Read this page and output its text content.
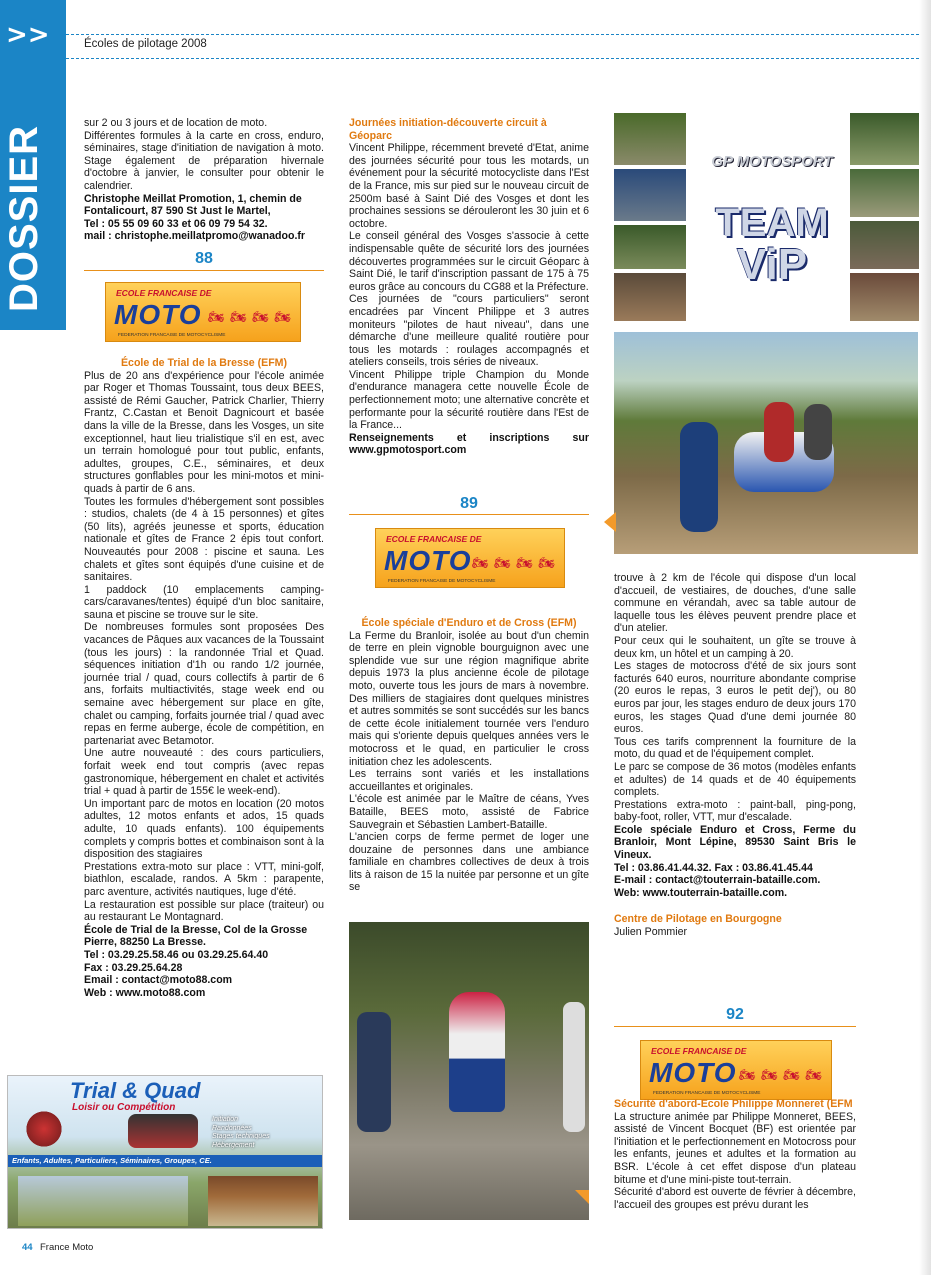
>>
DOSSIER
Écoles de pilotage 2008
sur 2 ou 3 jours et de location de moto.
Différentes formules à la carte en cross, enduro, séminaires, stage d'initiation de navigation à moto. Stage également de préparation hivernale d'octobre à janvier, le consulter pour obtenir le calendrier.
Christophe Meillat Promotion, 1, chemin de Fontalicourt, 87 590 St Just le Martel,
Tel : 05 55 09 60 33 et 06 09 79 54 32.
mail : christophe.meillatpromo@wanadoo.fr
88
ECOLE FRANCAISE DE
MOTO
FEDERATION FRANCAISE DE MOTOCYCLISME
🏍 🏍 🏍 🏍
École de Trial de la Bresse (EFM)
Plus de 20 ans d'expérience pour l'école animée par Roger et Thomas Toussaint, tous deux BEES, assisté de Rémi Gaucher, Patrick Charlier, Thierry Frantz, C.Castan et Benoit Dagnicourt et basée dans la ville de la Bresse, dans les Vosges, un site exceptionnel, haut lieu trialistique s'il en est, avec un terrain homologué pour tout public, enfants, adultes, groupes, C.E., séminaires, et deux structures gonflables pour les mini-motos et mini-quads à partir de 6 ans.
Toutes les formules d'hébergement sont possibles : studios, chalets (de 4 à 15 personnes) et gîtes (50 lits), agréés jeunesse et sports, éducation nationale et gîtes de France 2 épis tout confort. Nouveautés pour 2008 : piscine et sauna. Les chalets et gîtes sont équipés d'une cuisine et de sanitaires.
1 paddock (10 emplacements camping-cars/caravanes/tentes) équipé d'un bloc sanitaire, sauna et piscine se trouve sur le site.
De nombreuses formules sont proposées Des vacances de Pâques aux vacances de la Toussaint (tous les jours) : la randonnée Trial et Quad. séquences initiation d'1h ou rando 1/2 journée, journée trial / quad, cours collectifs à partir de 6 ans, forfaits multiactivités, stage week end ou semaine avec hébergement sur place en gîte, chalet ou camping, forfaits journée trial / quad avec repas en ferme auberge, école de compétition, en partenariat avec Betamotor.
Une autre nouveauté : des cours particuliers, forfait week end tout compris (avec repas gastronomique, hébergement en chalet et activités trial + quad à partir de 155€ le week-end).
Un important parc de motos en location (20 motos adultes, 12 motos enfants et ados, 15 quads adulte, 10 quads enfants). 100 équipements complets y compris bottes et combinaison sont à la disposition des stagiaires
Prestations extra-moto sur place : VTT, mini-golf, biathlon, escalade, randos. A 5km : parapente, parc aventure, activités nautiques, luge d'été.
La restauration est possible sur place (traiteur) ou au restaurant Le Montagnard.
École de Trial de la Bresse, Col de la Grosse Pierre, 88250 La Bresse.
Tel : 03.29.25.58.46 ou 03.29.25.64.40
Fax : 03.29.25.64.28
Email : contact@moto88.com
Web : www.moto88.com
Trial & Quad
Loisir ou Compétition
Initiation
Randonnées
Stages techniques
Hébergement
Enfants, Adultes, Particuliers, Séminaires, Groupes, CE.
Journées initiation-découverte circuit à Géoparc
Vincent Philippe, récemment breveté d'Etat, anime des journées sécurité pour tous les motards, un événement pour la sécurité motocycliste dans l'Est de la France, mis sur pied sur le nouveau circuit de 2500m basé à Saint Dié des Vosges et dont les prochaines sessions se dérouleront les 30 juin et 6 octobre.
Le conseil général des Vosges s'associe à cette indispensable quête de sécurité lors des journées découvertes programmées sur le circuit Géoparc à Saint Dié, le tarif d'inscription passant de 175 à 75 euros grâce au concours du CG88 et la Préfecture.
Ces journées de "cours particuliers" seront encadrées par Vincent Philippe et 3 autres moniteurs "pilotes de haut niveau", dans une démarche d'une meilleure qualité routière pour tous les motards : roulages accompagnés et ateliers conseils, trois séries de niveaux.
Vincent Philippe triple Champion du Monde d'endurance managera cette nouvelle École de perfectionnement moto; une alternative concrète et performante pour la sécurité routière dans l'Est de la France...
Renseignements et inscriptions sur www.gpmotosport.com
89
ECOLE FRANCAISE DE
MOTO
FEDERATION FRANCAISE DE MOTOCYCLISME
🏍 🏍 🏍 🏍
École spéciale d'Enduro et de Cross (EFM)
La Ferme du Branloir, isolée au bout d'un chemin de terre en plein vignoble bourguignon avec une splendide vue sur une région magnifique abrite depuis 1973 la plus ancienne école de pilotage moto, ouverte tous les jours de mars à novembre. Des milliers de stagiaires dont quelques ministres et autres sommités se sont succédés sur les bancs de cette école initialement tournée vers l'enduro mais qui s'oriente depuis quelques années vers le motocross et le quad, en particulier le cross initiation chez les adolescents.
Les terrains sont variés et les installations accueillantes et originales.
L'école est animée par le Maître de céans, Yves Bataille, BEES moto, assisté de Fabrice Sauvegrain et Sébastien Lambert-Bataille.
L'ancien corps de ferme permet de loger une douzaine de personnes dans une ambiance familiale en chambres collectives de deux à trois lits à raison de 15 la nuitée par personne et un gîte se
GP MOTOSPORT
TEAM
ViP
trouve à 2 km de l'école qui dispose d'un local d'accueil, de vestiaires, de douches, d'une salle commune en véranda​h, avec sa table autour de laquelle tous les élèves peuvent prendre place et d'un atelier.
Pour ceux qui le souhaitent, un gîte se trouve à deux km, un hôtel et un camping à 20.
Les stages de motocross d'été de six jours sont facturés 640 euros, nourriture abondante comprise (20 euros le repas, 3 euros le petit dej'), ou 80 euros par jour, les stages enduro de deux jours 170 euros, les stages Quad d'une demi journée 80 euros.
Tous ces tarifs comprennent la fourniture de la moto, du quad et de l'équipement complet.
Le parc se compose de 36 motos (modèles enfants et adultes) de 14 quads et de 40 équipements complets.
Prestations extra-moto : paint-ball, ping-pong, baby-foot, roller, VTT, mur d'escalade.
Ecole spéciale Enduro et Cross, Ferme du Branloir, Mont Lépine, 89530 Saint Bris le Vineux.
Tel : 03.86.41.44.32. Fax : 03.86.41.45.44
E-mail : contact@touterrain-bataille.com.
Web: www.touterrain-bataille.com.
Centre de Pilotage en Bourgogne
Julien Pommier
92
ECOLE FRANCAISE DE
MOTO
FEDERATION FRANCAISE DE MOTOCYCLISME
🏍 🏍 🏍 🏍
Sécurité d'abord-Ecole Philippe Monneret (EFM
La structure animée par Philippe Monneret, BEES, assisté de Vincent Bocquet (BF) est orientée par l'initiation et le perfectionnement en Motocross pour les enfants, jeunes et adultes et la formation au BSR. L'école à cet effet dispose d'un plateau bitume et d'une mini-piste tout-terrain.
Sécurité d'abord est ouverte de février à décembre, l'accueil des groupes est prévu durant les
44 France Moto
